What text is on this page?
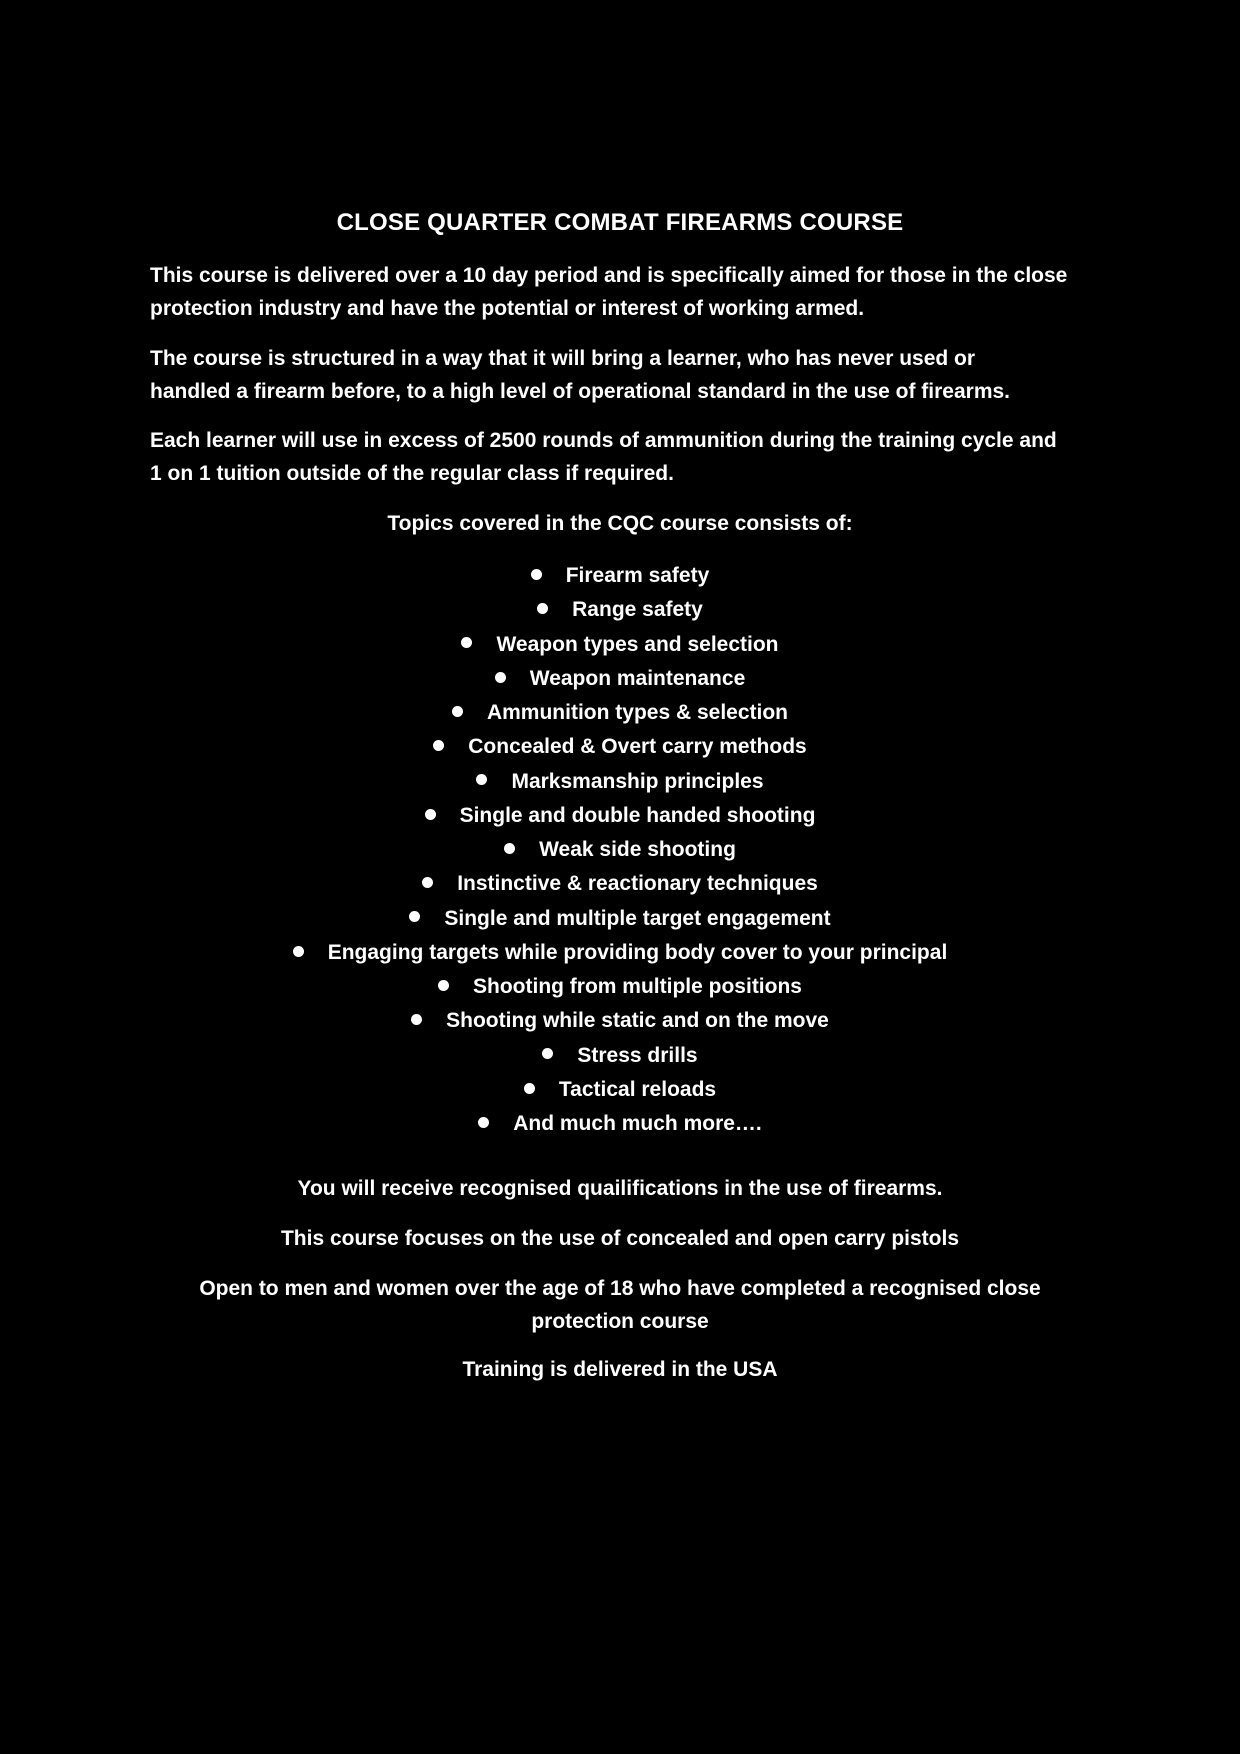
CLOSE QUARTER COMBAT FIREARMS COURSE
This course is delivered over a 10 day period and is specifically aimed for those in the close
protection industry and have the potential or interest of working armed.
The course is structured in a way that it will bring a learner, who has never used or
handled a firearm before, to a high level of operational standard in the use of firearms.
Each learner will use in excess of 2500 rounds of ammunition during the training cycle and
1 on 1 tuition outside of the regular class if required.
Topics covered in the CQC course consists of:
Firearm safety
Range safety
Weapon types and selection
Weapon maintenance
Ammunition types & selection
Concealed & Overt carry methods
Marksmanship principles
Single and double handed shooting
Weak side shooting
Instinctive & reactionary techniques
Single and multiple target engagement
Engaging targets while providing body cover to your principal
Shooting from multiple positions
Shooting while static and on the move
Stress drills
Tactical reloads
And much much more….
You will receive recognised quailifications in the use of firearms.
This course focuses on the use of concealed and open carry pistols
Open to men and women over the age of 18 who have completed a recognised close
protection course
Training is delivered in the USA
